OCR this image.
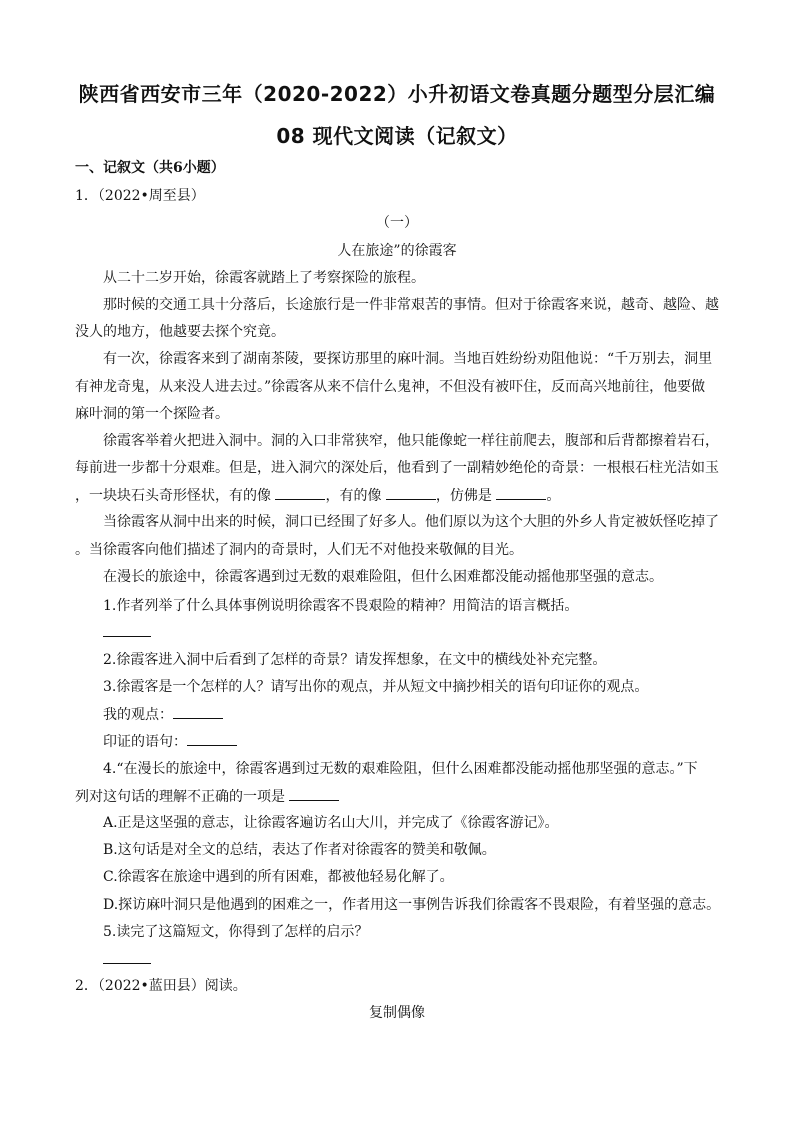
陕西省西安市三年（2020-2022）小升初语文卷真题分题型分层汇编
08 现代文阅读（记叙文）
一、记叙文（共6小题）
1．（2022•周至县）
（一）
人在旅途”的徐霞客
从二十二岁开始，徐霞客就踏上了考察探险的旅程。
那时候的交通工具十分落后，长途旅行是一件非常艰苦的事情。但对于徐霞客来说，越奇、越险、越
没人的地方，他越要去探个究竟。
有一次，徐霞客来到了湖南茶陵，要探访那里的麻叶洞。当地百姓纷纷劝阻他说：“千万别去，洞里
有神龙奇鬼，从来没人进去过。”徐霞客从来不信什么鬼神，不但没有被吓住，反而高兴地前往，他要做
麻叶洞的第一个探险者。
徐霞客举着火把进入洞中。洞的入口非常狭窄，他只能像蛇一样往前爬去，腹部和后背都擦着岩石，
每前进一步都十分艰难。但是，进入洞穴的深处后，他看到了一副精妙绝伦的奇景：一根根石柱光洁如玉
，一块块石头奇形怪状，有的像	，有的像	，仿佛是	。
当徐霞客从洞中出来的时候，洞口已经围了好多人。他们原以为这个大胆的外乡人肯定被妖怪吃掉了
。当徐霞客向他们描述了洞内的奇景时，人们无不对他投来敬佩的目光。
在漫长的旅途中，徐霞客遇到过无数的艰难险阻，但什么困难都没能动摇他那坚强的意志。
1.作者列举了什么具体事例说明徐霞客不畏艰险的精神？用简洁的语言概括。
2.徐霞客进入洞中后看到了怎样的奇景？请发挥想象，在文中的横线处补充完整。
3.徐霞客是一个怎样的人？请写出你的观点，并从短文中摘抄相关的语句印证你的观点。
我的观点：
印证的语句：
4.“在漫长的旅途中，徐霞客遇到过无数的艰难险阻，但什么困难都没能动摇他那坚强的意志。”下
列对这句话的理解不正确的一项是
A.正是这坚强的意志，让徐霞客遍访名山大川，并完成了《徐霞客游记》。
B.这句话是对全文的总结，表达了作者对徐霞客的赞美和敬佩。
C.徐霞客在旅途中遇到的所有困难，都被他轻易化解了。
D.探访麻叶洞只是他遇到的困难之一，作者用这一事例告诉我们徐霞客不畏艰险，有着坚强的意志。
5.读完了这篇短文，你得到了怎样的启示？
2．（2022•蓝田县）阅读。
复制偶像
